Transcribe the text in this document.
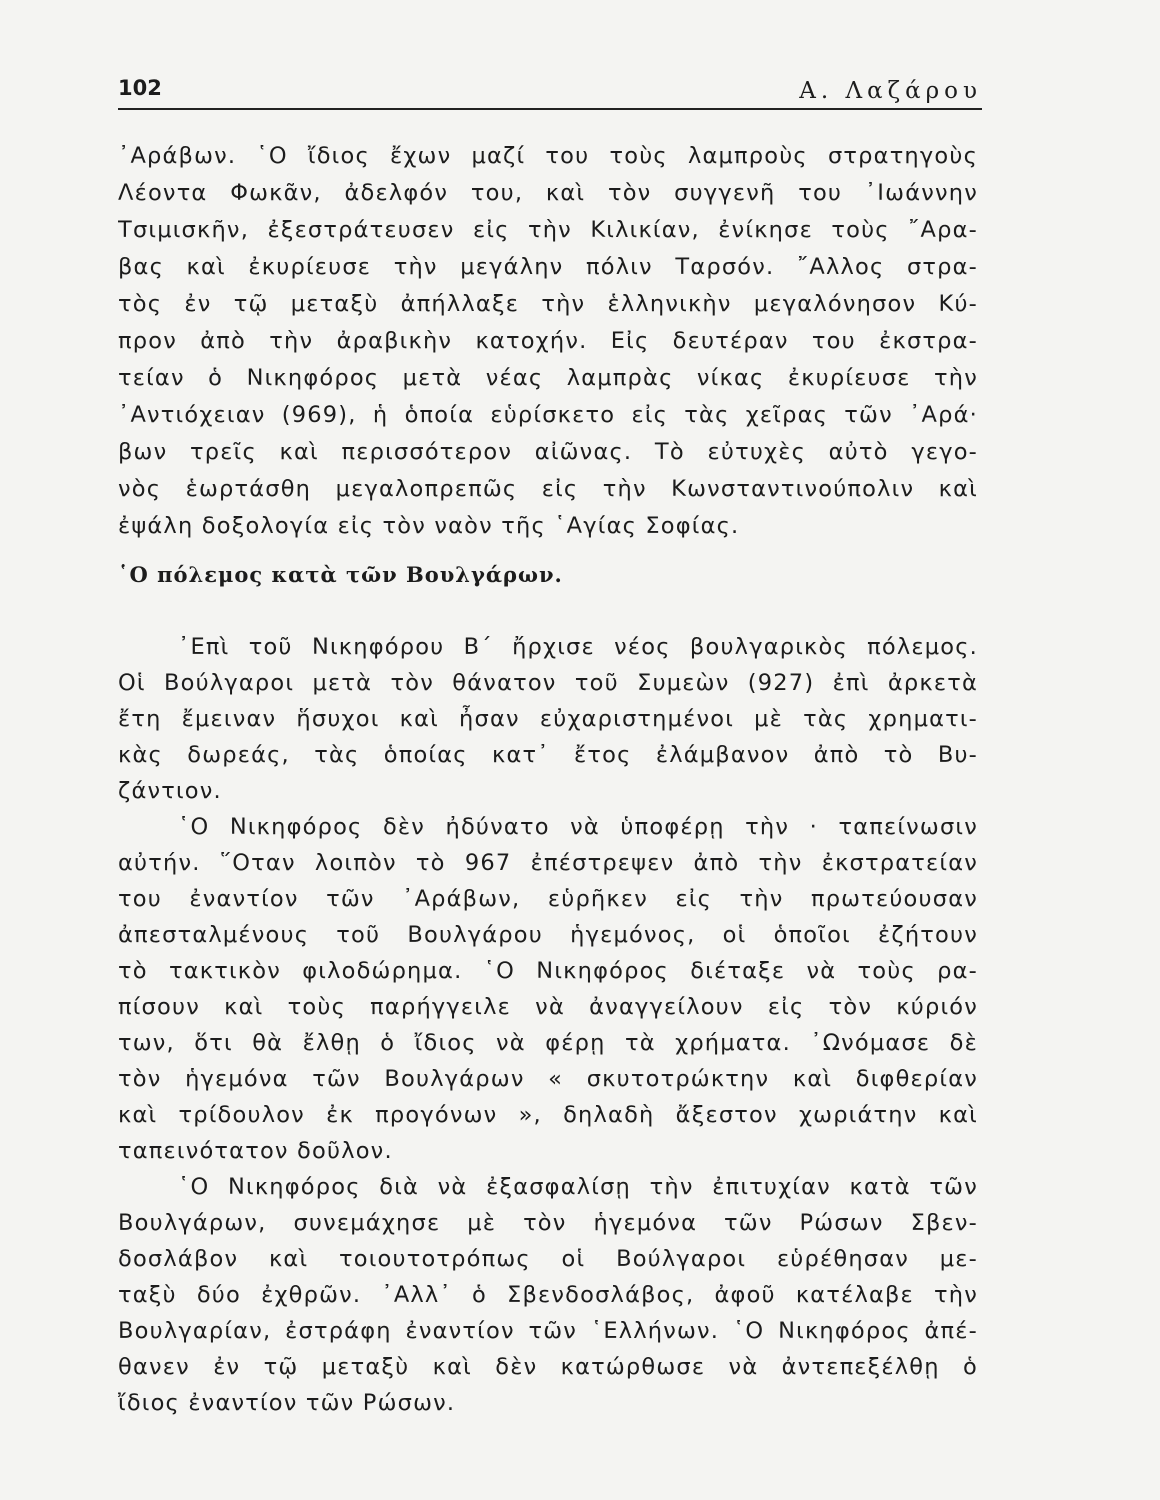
102	Α. Λαζάρου
᾿Αράβων. ῾Ο ἴδιος ἔχων μαζί του τοὺς λαμπροὺς στρατηγοὺς
Λέοντα Φωκᾶν, ἀδελφόν του, καὶ τὸν συγγενῆ του ᾿Ιωάννην
Τσιμισκῆν, ἐξεστράτευσεν εἰς τὴν Κιλικίαν, ἐνίκησε τοὺς ῎Αρα-
βας καὶ ἐκυρίευσε τὴν μεγάλην πόλιν Ταρσόν. ῎Αλλος στρα-
τὸς ἐν τῷ μεταξὺ ἀπήλλαξε τὴν ἑλληνικὴν μεγαλόνησον Κύ-
προν ἀπὸ τὴν ἀραβικὴν κατοχήν. Εἰς δευτέραν του ἐκστρα-
τείαν ὁ Νικηφόρος μετὰ νέας λαμπρὰς νίκας ἐκυρίευσε τὴν
᾿Αντιόχειαν (969), ἡ ὁποία εὑρίσκετο εἰς τὰς χεῖρας τῶν ᾿Αρά·
βων τρεῖς καὶ περισσότερον αἰῶνας. Τὸ εὐτυχὲς αὐτὸ γεγο-
νὸς ἑωρτάσθη μεγαλοπρεπῶς εἰς τὴν Κωνσταντινούπολιν καὶ
ἐψάλη δοξολογία εἰς τὸν ναὸν τῆς ῾Αγίας Σοφίας.
῾Ο πόλεμος κατὰ τῶν Βουλγάρων.
᾿Επὶ τοῦ Νικηφόρου Β΄ ἤρχισε νέος βουλγαρικὸς πόλεμος.
Οἱ Βούλγαροι μετὰ τὸν θάνατον τοῦ Συμεὼν (927) ἐπὶ ἀρκετὰ
ἔτη ἔμειναν ἥσυχοι καὶ ἦσαν εὐχαριστημένοι μὲ τὰς χρηματι-
κὰς δωρεάς, τὰς ὁποίας κατ᾿ ἔτος ἐλάμβανον ἀπὸ τὸ Βυ-
ζάντιον.
῾Ο Νικηφόρος δὲν ἠδύνατο νὰ ὑποφέρῃ τὴν · ταπείνωσιν
αὐτήν. ῞Οταν λοιπὸν τὸ 967 ἐπέστρεψεν ἀπὸ τὴν ἐκστρατείαν
του ἐναντίον τῶν ᾿Αράβων, εὑρῆκεν εἰς τὴν πρωτεύουσαν
ἀπεσταλμένους τοῦ Βουλγάρου ἡγεμόνος, οἱ ὁποῖοι ἐζήτουν
τὸ τακτικὸν φιλοδώρημα. ῾Ο Νικηφόρος διέταξε νὰ τοὺς ρα-
πίσουν καὶ τοὺς παρήγγειλε νὰ ἀναγγείλουν εἰς τὸν κύριόν
των, ὅτι θὰ ἔλθῃ ὁ ἴδιος νὰ φέρῃ τὰ χρήματα. ᾿Ωνόμασε δὲ
τὸν ἡγεμόνα τῶν Βουλγάρων « σκυτοτρώκτην καὶ διφθερίαν
καὶ τρίδουλον ἐκ προγόνων », δηλαδὴ ἄξεστον χωριάτην καὶ
ταπεινότατον δοῦλον.
῾Ο Νικηφόρος διὰ νὰ ἐξασφαλίσῃ τὴν ἐπιτυχίαν κατὰ τῶν
Βουλγάρων, συνεμάχησε μὲ τὸν ἡγεμόνα τῶν Ρώσων Σβεν-
δοσλάβον καὶ τοιουτοτρόπως οἱ Βούλγαροι εὑρέθησαν με-
ταξὺ δύο ἐχθρῶν. ᾿Αλλ᾿ ὁ Σβενδοσλάβος, ἀφοῦ κατέλαβε τὴν
Βουλγαρίαν, ἐστράφη ἐναντίον τῶν ῾Ελλήνων. ῾Ο Νικηφόρος ἀπέ-
θανεν ἐν τῷ μεταξὺ καὶ δὲν κατώρθωσε νὰ ἀντεπεξέλθῃ ὁ
ἴδιος ἐναντίον τῶν Ρώσων.
